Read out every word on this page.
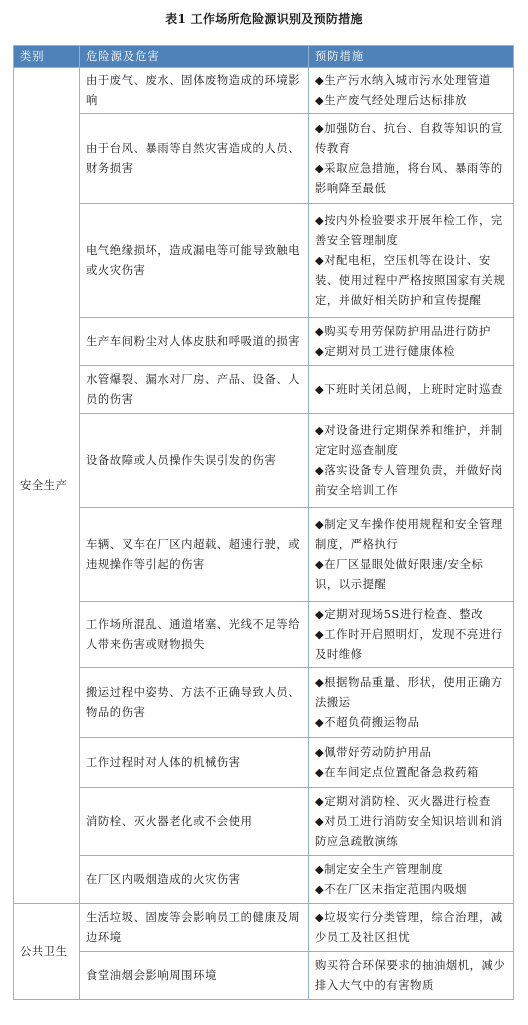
表1 工作场所危险源识别及预防措施
类别	危险源及危害	预防措施
安全生产	由于废气、废水、固体废物造成的环境影响	◆生产污水纳入城市污水处理管道
◆生产废气经处理后达标排放

	由于台风、暴雨等自然灾害造成的人员、财务损害	◆加强防台、抗台、自救等知识的宣传教育
◆采取应急措施，将台风、暴雨等的影响降至最低

	电气绝缘损坏，造成漏电等可能导致触电或火灾伤害	◆按内外检验要求开展年检工作，完善安全管理制度
◆对配电柜，空压机等在设计、安装、使用过程中严格按照国家有关规定，并做好相关防护和宣传提醒

	生产车间粉尘对人体皮肤和呼吸道的损害	◆购买专用劳保防护用品进行防护
◆定期对员工进行健康体检

	水管爆裂、漏水对厂房、产品、设备、人员的伤害	◆下班时关闭总阀，上班时定时巡查

	设备故障或人员操作失误引发的伤害	◆对设备进行定期保养和维护，并制定定时巡查制度
◆落实设备专人管理负责，并做好岗前安全培训工作

	车辆、叉车在厂区内超载、超速行驶，或违规操作等引起的伤害	◆制定叉车操作使用规程和安全管理制度，严格执行
◆在厂区显眼处做好限速/安全标识，以示提醒

	工作场所混乱、通道堵塞、光线不足等给人带来伤害或财物损失	◆定期对现场5S进行检查、整改
◆工作时开启照明灯，发现不亮进行及时维修

	搬运过程中姿势、方法不正确导致人员、物品的伤害	◆根据物品重量、形状，使用正确方法搬运
◆不超负荷搬运物品

	工作过程时对人体的机械伤害	◆佩带好劳动防护用品
◆在车间定点位置配备急救药箱

	消防栓、灭火器老化或不会使用	◆定期对消防栓、灭火器进行检查
◆对员工进行消防安全知识培训和消防应急疏散演练

	在厂区内吸烟造成的火灾伤害	◆制定安全生产管理制度
◆不在厂区未指定范围内吸烟

公共卫生	生活垃圾、固废等会影响员工的健康及周边环境	◆垃圾实行分类管理，综合治理，减少员工及社区担忧

	食堂油烟会影响周围环境	购买符合环保要求的抽油烟机，减少排入大气中的有害物质
